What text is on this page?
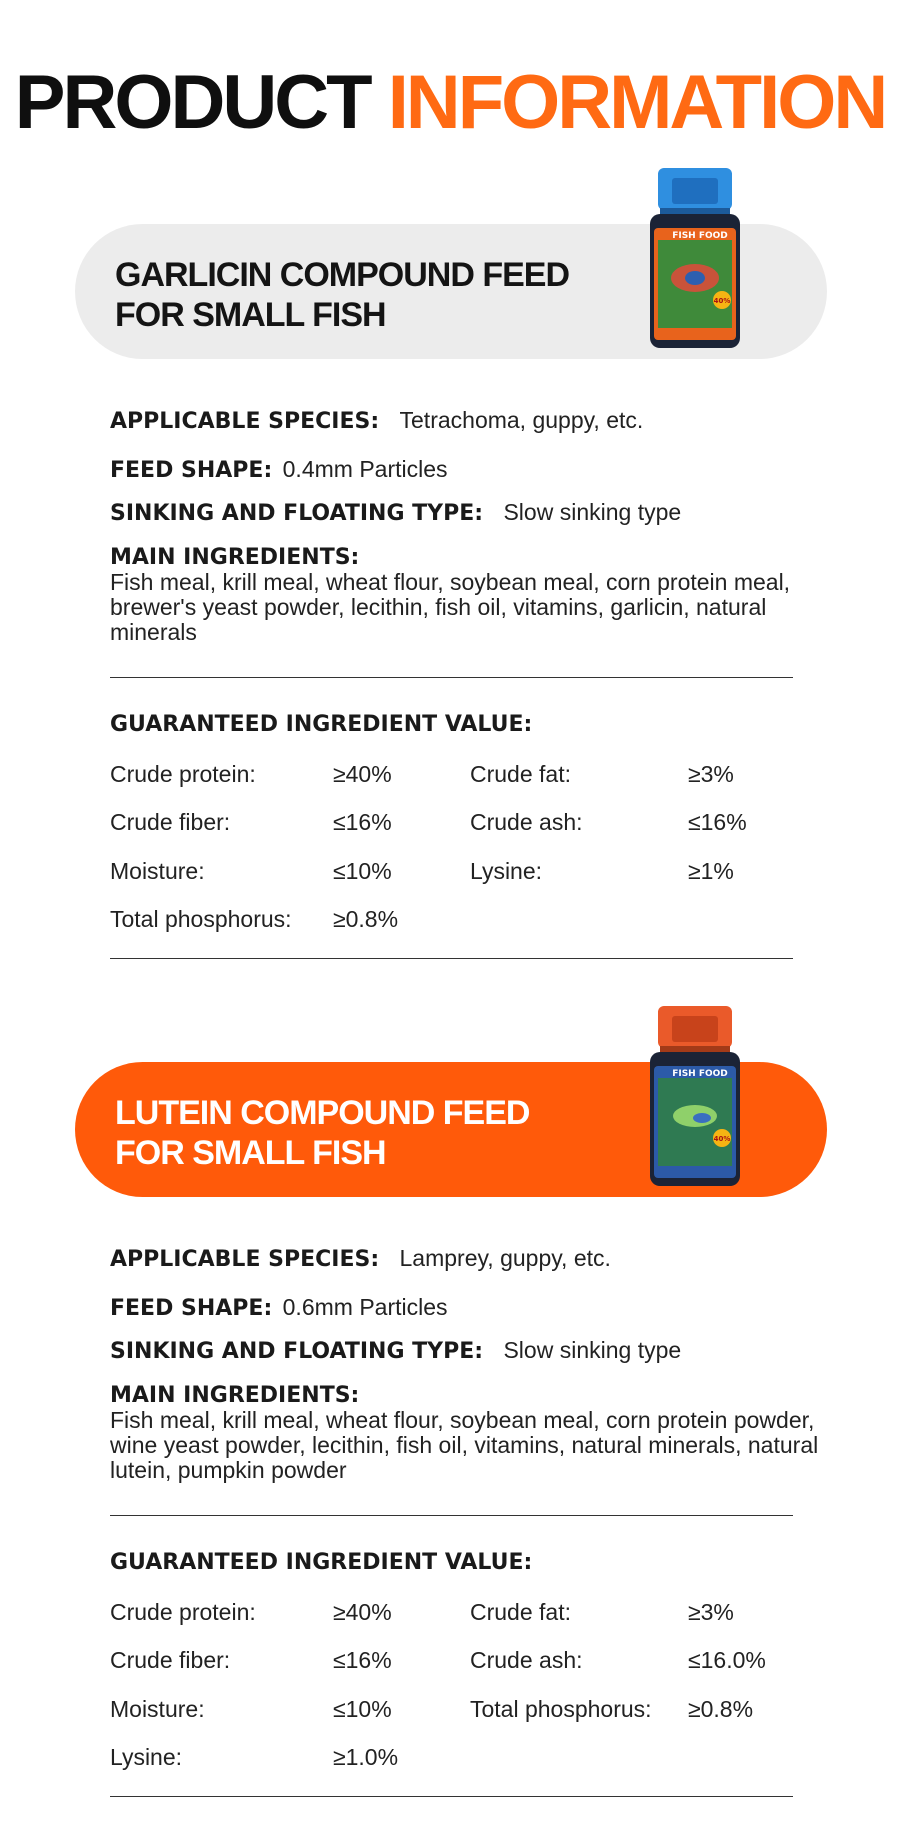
PRODUCT INFORMATION
GARLICIN COMPOUND FEED
FOR SMALL FISH	40%
FISH FOOD
APPLICABLE SPECIES: Tetrachoma, guppy, etc.
FEED SHAPE: 0.4mm Particles
SINKING AND FLOATING TYPE: Slow sinking type
MAIN INGREDIENTS:
Fish meal, krill meal, wheat flour, soybean meal, corn protein meal, brewer's yeast powder, lecithin, fish oil, vitamins, garlicin, natural minerals
GUARANTEED INGREDIENT VALUE:
Crude protein:	≥40%	Crude fat:	≥3%
Crude fiber:	≤16%	Crude ash:	≤16%
Moisture:	≤10%	Lysine:	≥1%
Total phosphorus: ≥0.8%
LUTEIN COMPOUND FEED
FOR SMALL FISH	40%
FISH FOOD
APPLICABLE SPECIES: Lamprey, guppy, etc.
FEED SHAPE: 0.6mm Particles
SINKING AND FLOATING TYPE: Slow sinking type
MAIN INGREDIENTS:
Fish meal, krill meal, wheat flour, soybean meal, corn protein powder, wine yeast powder, lecithin, fish oil, vitamins, natural minerals, natural lutein, pumpkin powder
GUARANTEED INGREDIENT VALUE:
Crude protein:	≥40%	Crude fat:	≥3%
Crude fiber:	≤16%	Crude ash:	≤16.0%
Moisture:	≤10%	Total phosphorus: ≥0.8%
Lysine:	≥1.0%
